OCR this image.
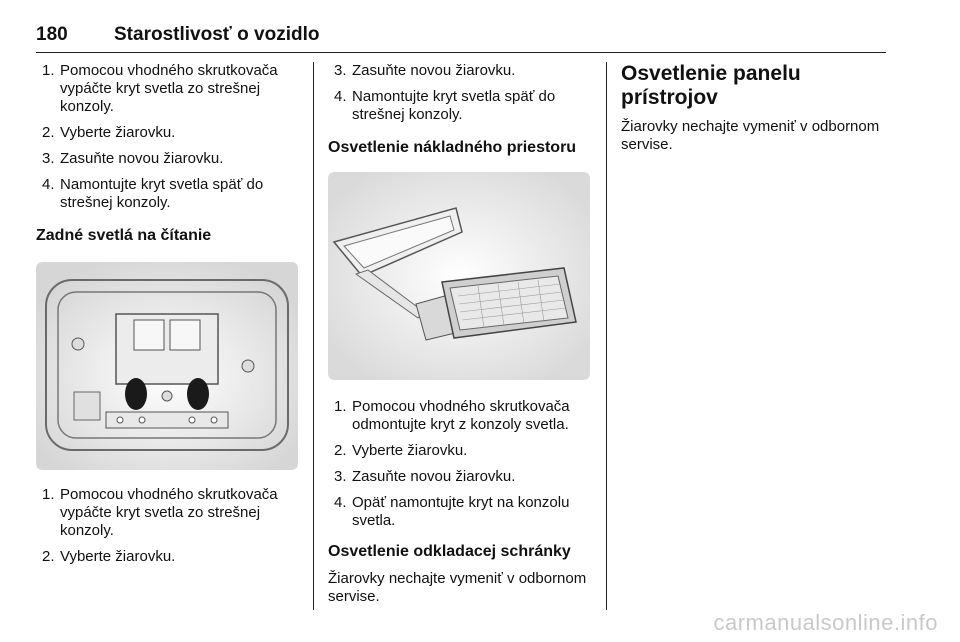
180 Starostlivosť o vozidlo
1. Pomocou vhodného skrutkovača vypáčte kryt svetla zo strešnej konzoly.
2. Vyberte žiarovku.
3. Zasuňte novou žiarovku.
4. Namontujte kryt svetla späť do strešnej konzoly.
Zadné svetlá na čítanie
1. Pomocou vhodného skrutkovača vypáčte kryt svetla zo strešnej konzoly.
2. Vyberte žiarovku.
3. Zasuňte novou žiarovku.
4. Namontujte kryt svetla späť do strešnej konzoly.
Osvetlenie nákladného priestoru
1. Pomocou vhodného skrutkovača odmontujte kryt z konzoly svetla.
2. Vyberte žiarovku.
3. Zasuňte novou žiarovku.
4. Opäť namontujte kryt na konzolu svetla.
Osvetlenie odkladacej schránky

Žiarovky nechajte vymeniť v odbornom servise.

Osvetlenie panelu prístrojov

Žiarovky nechajte vymeniť v odbornom servise.

carmanualsonline.info
